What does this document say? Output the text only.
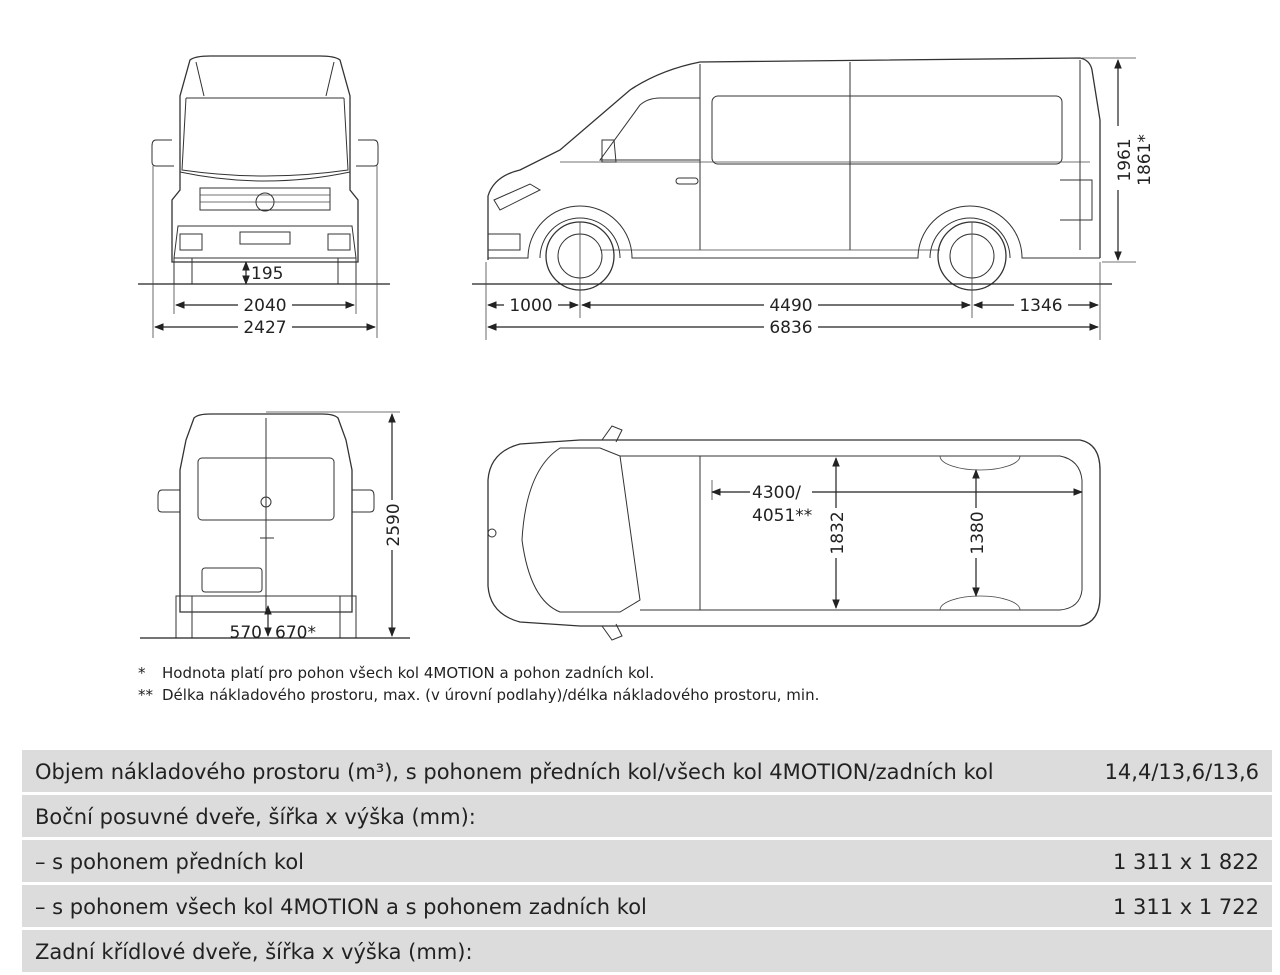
195
2040
2427
1000	4490	1346
6836
1961 1861*
2590
570 670*
4300/
4051** 1832	1380
* Hodnota platí pro pohon všech kol 4MOTION a pohon zadních kol.
** Délka nákladového prostoru, max. (v úrovní podlahy)/délka nákladového prostoru, min.
Objem nákladového prostoru (m³), s pohonem předních kol/všech kol 4MOTION/zadních kol	14,4/13,6/13,6
Boční posuvné dveře, šířka x výška (mm):
– s pohonem předních kol	1 311 x 1 822
– s pohonem všech kol 4MOTION a s pohonem zadních kol	1 311 x 1 722
Zadní křídlové dveře, šířka x výška (mm):
